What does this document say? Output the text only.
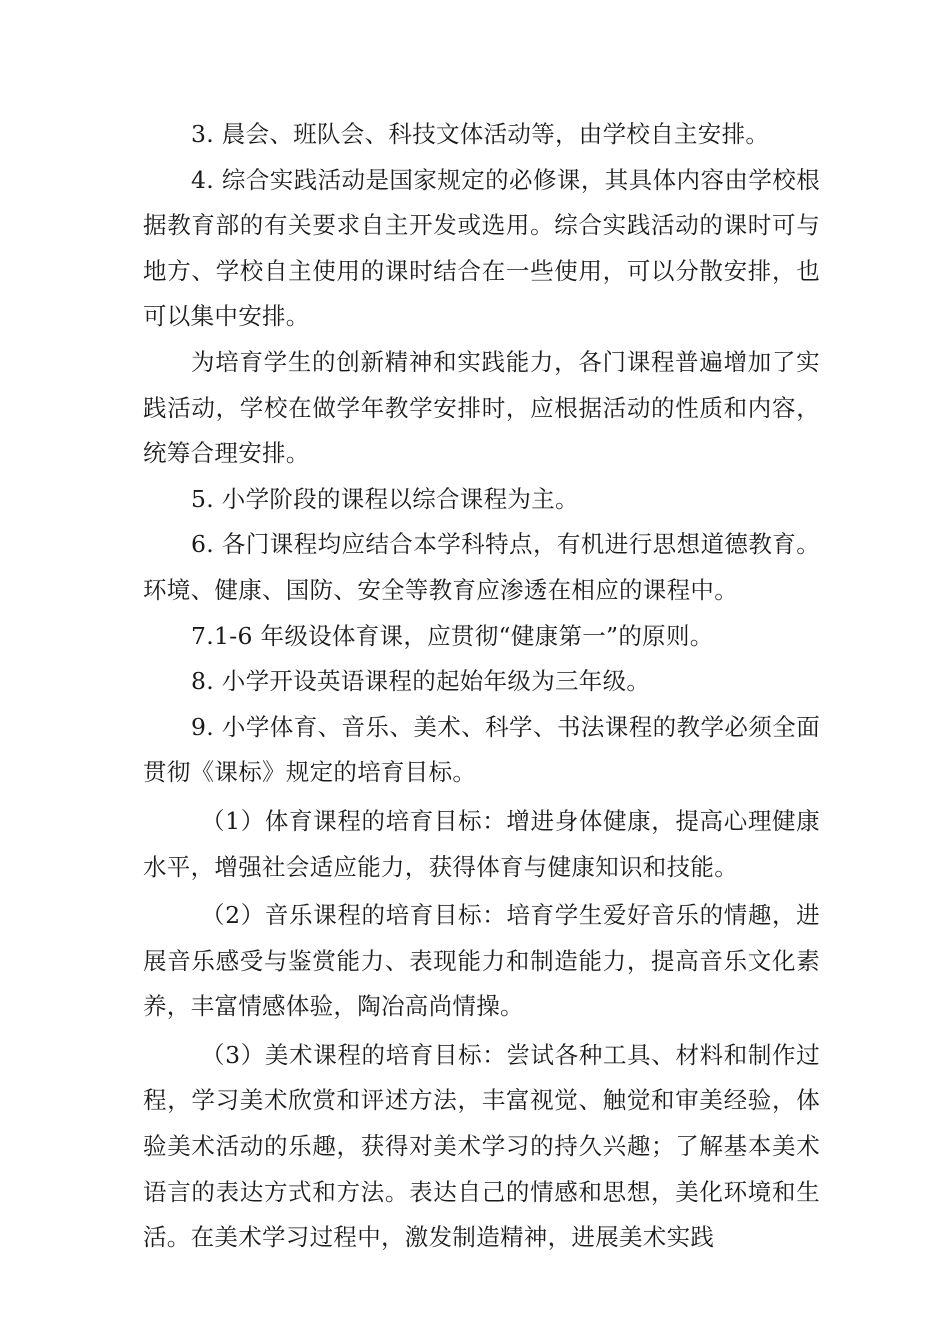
3. 晨会、班队会、科技文体活动等，由学校自主安排。

4. 综合实践活动是国家规定的必修课，其具体内容由学校根据教育部的有关要求自主开发或选用。综合实践活动的课时可与地方、学校自主使用的课时结合在一些使用，可以分散安排，也可以集中安排。

为培育学生的创新精神和实践能力，各门课程普遍增加了实践活动，学校在做学年教学安排时，应根据活动的性质和内容，统筹合理安排。

5. 小学阶段的课程以综合课程为主。

6. 各门课程均应结合本学科特点，有机进行思想道德教育。环境、健康、国防、安全等教育应渗透在相应的课程中。

7.1-6 年级设体育课，应贯彻“健康第一”的原则。

8. 小学开设英语课程的起始年级为三年级。

9. 小学体育、音乐、美术、科学、书法课程的教学必须全面贯彻《课标》规定的培育目标。

（1）体育课程的培育目标：增进身体健康，提高心理健康水平，增强社会适应能力，获得体育与健康知识和技能。

（2）音乐课程的培育目标：培育学生爱好音乐的情趣，进展音乐感受与鉴赏能力、表现能力和制造能力，提高音乐文化素养，丰富情感体验，陶冶高尚情操。

（3）美术课程的培育目标：尝试各种工具、材料和制作过程，学习美术欣赏和评述方法，丰富视觉、触觉和审美经验，体验美术活动的乐趣，获得对美术学习的持久兴趣；了解基本美术语言的表达方式和方法。表达自己的情感和思想，美化环境和生活。在美术学习过程中，激发制造精神，进展美术实践
